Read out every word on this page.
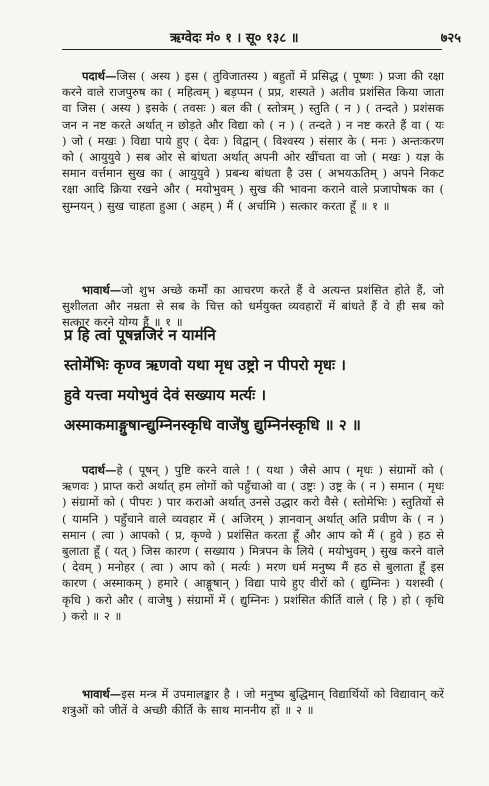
ऋग्वेदः मं० १ । सू० १३८ ॥	७२५
पदार्थ—जिस ( अस्य ) इस ( तुविजातस्य ) बहुतों में प्रसिद्ध ( पूष्णः ) प्रजा की रक्षा करने वाले राजपुरुष का ( महित्वम् ) बड़प्पन ( प्रप्र, शस्यते ) अतीव प्रशंसित किया जाता वा जिस ( अस्य ) इसके ( तवसः ) बल की ( स्तोत्रम् ) स्तुति ( न ) ( तन्दते ) प्रशंसक जन न नष्ट करते अर्थात् न छोड़ते और विद्या को ( न ) ( तन्दते ) न नष्ट करते हैं वा ( यः ) जो ( मखः ) विद्या पाये हुए ( देवः ) विद्वान् ( विश्वस्य ) संसार के ( मनः ) अन्तःकरण को ( आयुयुवे ) सब ओर से बांधता अर्थात् अपनी ओर खींचता वा जो ( मखः ) यज्ञ के समान वर्त्तमान सुख का ( आयुयुवे ) प्रबन्ध बांधता है उस ( अभयऊतिम् ) अपने निकट रक्षा आदि क्रिया रखने और ( मयोभुवम् ) सुख की भावना कराने वाले प्रजापोषक का ( सुम्नयन् ) सुख चाहता हुआ ( अहम् ) मैं ( अर्चामि ) सत्कार करता हूँ ॥ १ ॥
भावार्थ—जो शुभ अच्छे कर्मों का आचरण करते हैं वे अत्यन्त प्रशंसित होते हैं, जो सुशीलता और नम्रता से सब के चित्त को धर्मयुक्त व्यवहारों में बांधते हैं वे ही सब को सत्कार करने योग्य हैं ॥ १ ॥
प्र हि त्वां पूषन्नजिरं न याम॑नि
स्तोमे॑भिः कृण्व ऋणवो यथा मृध उष्ट्रो न पीपरो मृधः ।
हुवे यत्त्वा मयोभुवं देवं सख्याय मर्त्यः ।
अस्माकमाङ्गुषान्द्युम्निनस्कृधि वाजे॑षु द्युम्निन॑स्कृधि ॥ २ ॥
पदार्थ—हे ( पूषन् ) पुष्टि करने वाले ! ( यथा ) जैसे आप ( मृधः ) संग्रामों को ( ऋणवः ) प्राप्त करो अर्थात् हम लोगों को पहुँचाओ वा ( उष्ट्रः ) उष्ट्र के ( न ) समान ( मृधः ) संग्रामों को ( पीपरः ) पार कराओ अर्थात् उनसे उद्धार करो वैसे ( स्तोमेभिः ) स्तुतियों से ( यामनि ) पहुँचाने वाले व्यवहार में ( अजिरम् ) ज्ञानवान् अर्थात् अति प्रवीण के ( न ) समान ( त्वा ) आपको ( प्र, कृण्वे ) प्रशंसित करता हूँ और आप को मैं ( हुवे ) हठ से बुलाता हूँ ( यत् ) जिस कारण ( सख्याय ) मित्रपन के लिये ( मयोभुवम् ) सुख करने वाले ( देवम् ) मनोहर ( त्वा ) आप को ( मर्त्यः ) मरण धर्म मनुष्य मैं हठ से बुलाता हूँ इस कारण ( अस्माकम् ) हमारे ( आङ्गूषान् ) विद्या पाये हुए वीरों को ( द्युम्निनः ) यशस्वी ( कृधि ) करो और ( वाजेषु ) संग्रामों में ( द्युम्निनः ) प्रशंसित कीर्ति वाले ( हि ) हो ( कृधि ) करो ॥ २ ॥
भावार्थ—इस मन्त्र में उपमालङ्कार है । जो मनुष्य बुद्धिमान् विद्यार्थियों को विद्यावान् करें शत्रुओं को जीतें वे अच्छी कीर्ति के साथ माननीय हों ॥ २ ॥
